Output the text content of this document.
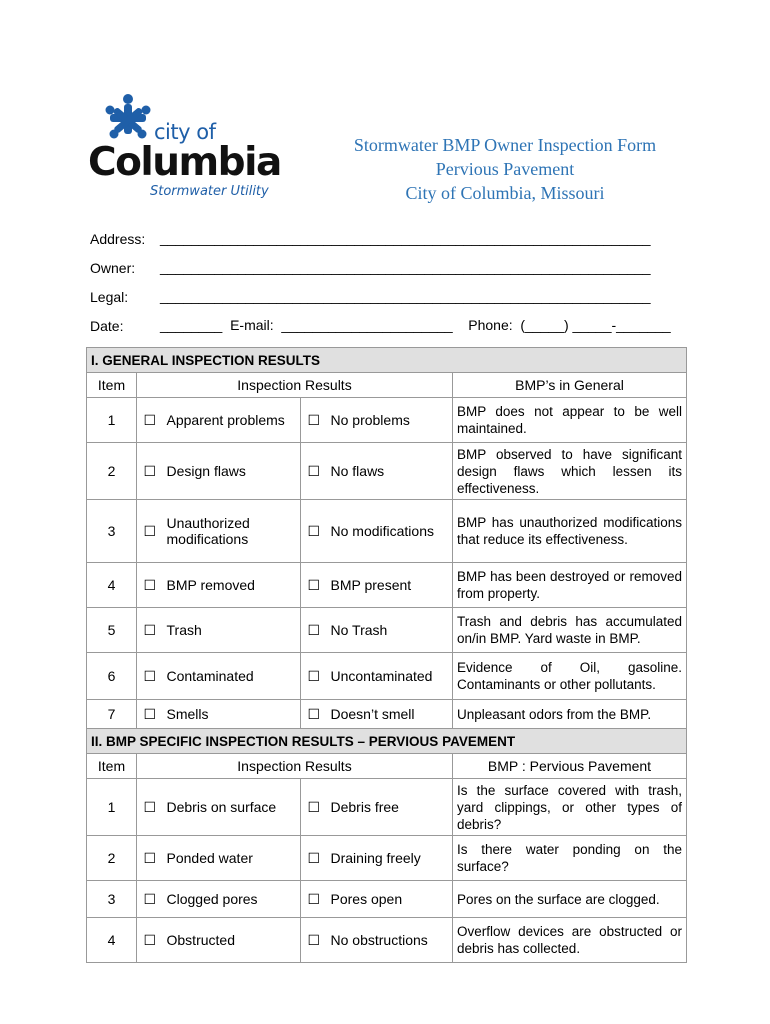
city of
Columbia
Stormwater Utility
Stormwater BMP Owner Inspection Form
Pervious Pavement
City of Columbia, Missouri
Address: _______________________________________________________________
Owner: _______________________________________________________________
Legal: _______________________________________________________________
Date:	________  E-mail:  ______________________    Phone:  (_____) _____-_______
I. GENERAL INSPECTION RESULTS					
Item	Inspection Results				BMP’s in General
1	☐	Apparent problems	☐	No problems	BMP does not appear to be well maintained.
2	☐	Design flaws	☐	No flaws	BMP observed to have significant design flaws which lessen its effectiveness.
3	☐	Unauthorized modifications	☐	No modifications	BMP has unauthorized modifications that reduce its effectiveness.
4	☐	BMP removed	☐	BMP present	BMP has been destroyed or removed from property.
5	☐	Trash	☐	No Trash	Trash and debris has accumulated on/in BMP. Yard waste in BMP.
6	☐	Contaminated	☐	Uncontaminated	Evidence of Oil, gasoline. Contaminants or other pollutants.
7	☐	Smells	☐	Doesn’t smell	Unpleasant odors from the BMP.
II. BMP SPECIFIC INSPECTION RESULTS – PERVIOUS PAVEMENT					
Item	Inspection Results				BMP : Pervious Pavement
1	☐	Debris on surface	☐	Debris free	Is the surface covered with trash, yard clippings, or other types of debris?
2	☐	Ponded water	☐	Draining freely	Is there water ponding on the surface?
3	☐	Clogged pores	☐	Pores open	Pores on the surface are clogged.
4	☐	Obstructed	☐	No obstructions	Overflow devices are obstructed or debris has collected.
